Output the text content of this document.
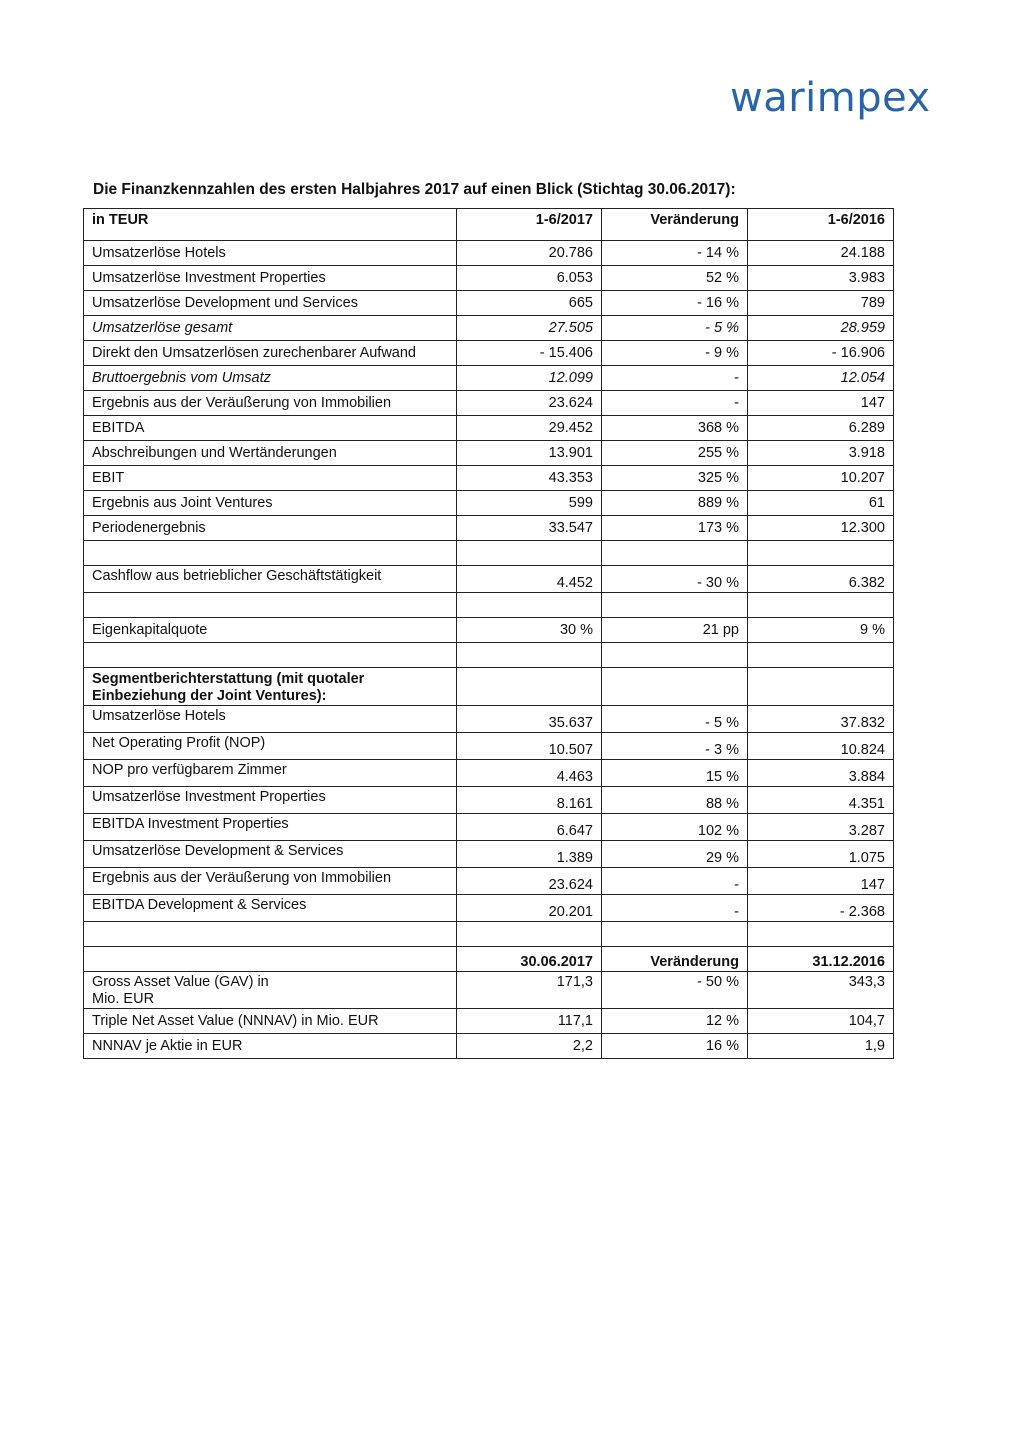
warimpex
Die Finanzkennzahlen des ersten Halbjahres 2017 auf einen Blick (Stichtag 30.06.2017):
in TEUR	1-6/2017	Veränderung	1-6/2016
Umsatzerlöse Hotels	20.786	- 14 %	24.188
Umsatzerlöse Investment Properties	6.053	52 %	3.983
Umsatzerlöse Development und Services	665	- 16 %	789
Umsatzerlöse gesamt	27.505	- 5 %	28.959
Direkt den Umsatzerlösen zurechenbarer Aufwand	- 15.406	- 9 %	- 16.906
Bruttoergebnis vom Umsatz	12.099	-	12.054
Ergebnis aus der Veräußerung von Immobilien	23.624	-	147
EBITDA	29.452	368 %	6.289
Abschreibungen und Wertänderungen	13.901	255 %	3.918
EBIT	43.353	325 %	10.207
Ergebnis aus Joint Ventures	599	889 %	61
Periodenergebnis	33.547	173 %	12.300

Cashflow aus betrieblicher Geschäftstätigkeit	4.452	- 30 %	6.382

Eigenkapitalquote	30 %	21 pp	9 %

Segmentberichterstattung (mit quotaler Einbeziehung der Joint Ventures):			
Umsatzerlöse Hotels	35.637	- 5 %	37.832
Net Operating Profit (NOP)	10.507	- 3 %	10.824
NOP pro verfügbarem Zimmer	4.463	15 %	3.884
Umsatzerlöse Investment Properties	8.161	88 %	4.351
EBITDA Investment Properties	6.647	102 %	3.287
Umsatzerlöse Development & Services	1.389	29 %	1.075
Ergebnis aus der Veräußerung von Immobilien	23.624	-	147
EBITDA Development & Services	20.201	-	- 2.368

	30.06.2017	Veränderung	31.12.2016
Gross Asset Value (GAV) in Mio. EUR	171,3	- 50 %	343,3
Triple Net Asset Value (NNNAV) in Mio. EUR	117,1	12 %	104,7
NNNAV je Aktie in EUR	2,2	16 %	1,9
